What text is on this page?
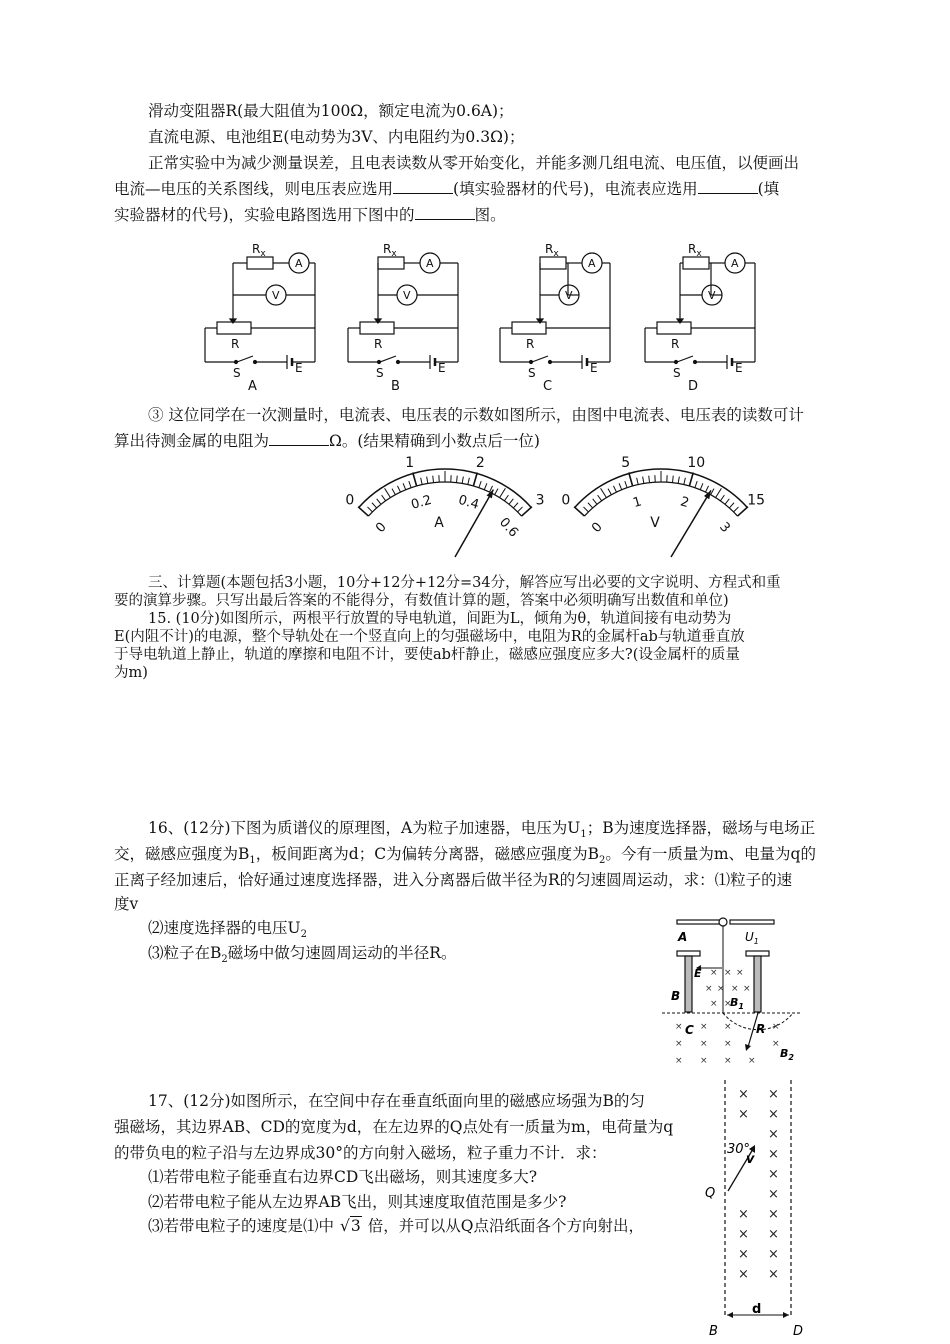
滑动变阻器R(最大阻值为100Ω，额定电流为0.6A)；
直流电源、电池组E(电动势为3V、内电阻约为0.3Ω)；
正常实验中为减少测量误差，且电表读数从零开始变化，并能多测几组电流、电压值，以便画出
电流—电压的关系图线，则电压表应选用	(填实验器材的代号)，电流表应选用	(填
实验器材的代号)，实验电路图选用下图中的	图。
$R_x$
A
V
R
S	E
A
$R_x$
A
V
R
S	E
B
$R_x$
A
V
R
S	E
C
$R_x$
A
V
R
S	E
D
③ 这位同学在一次测量时，电流表、电压表的示数如图所示，由图中电流表、电压表的读数可计
算出待测金属的电阻为	Ω。(结果精确到小数点后一位)
0
1	2
3
0
0.2 0.4
0.6
A
0
5	10
15
0
1	2
3
V
三、计算题(本题包括3小题，10分+12分+12分=34分，解答应写出必要的文字说明、方程式和重
要的演算步骤。只写出最后答案的不能得分，有数值计算的题，答案中必须明确写出数值和单位)
15. (10分)如图所示，两根平行放置的导电轨道，间距为L，倾角为θ，轨道间接有电动势为
E(内阻不计)的电源，整个导轨处在一个竖直向上的匀强磁场中，电阻为R的金属杆ab与轨道垂直放
于导电轨道上静止，轨道的摩擦和电阻不计，要使ab杆静止，磁感应强度应多大?(设金属杆的质量
为m)
16、(12分)下图为质谱仪的原理图，A为粒子加速器，电压为$U_1$；B为速度选择器，磁场与电场正
交，磁感应强度为$B_1$，板间距离为d；C为偏转分离器，磁感应强度为$B_2$。今有一质量为m、电量为q的
正离子经加速后，恰好通过速度选择器，进入分离器后做半径为R的匀速圆周运动，求：⑴粒子的速
度v
⑵速度选择器的电压$U_2$
⑶粒子在$B_2$磁场中做匀速圆周运动的半径R。
A	$U_1$
E
B	$B_1$
× × ×
× × × ×
× ×
R
C
$B_2$
× × ×	×
× × ×	×
× × × ×
17、(12分)如图所示，在空间中存在垂直纸面向里的磁感应场强为B的匀
强磁场，其边界AB、CD的宽度为d，在左边界的Q点处有一质量为m，电荷量为q
的带负电的粒子沿与左边界成30°的方向射入磁场，粒子重力不计．求：
⑴若带电粒子能垂直右边界CD飞出磁场，则其速度多大?
⑵若带电粒子能从左边界AB飞出，则其速度取值范围是多少?
⑶若带电粒子的速度是⑴中 √3 倍，并可以从Q点沿纸面各个方向射出，
× ×
× ×
×
×
×
×
× ×
× ×
× ×
× ×
30°
v
Q
d
B	D
